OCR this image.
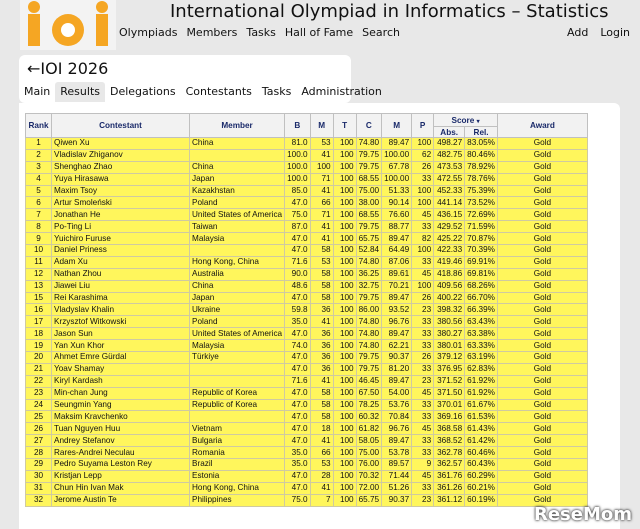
International Olympiad in Informatics – Statistics
Olympiads Members Tasks Hall of Fame Search	Add Login
←IOI 2026
Main Results Delegations Contestants Tasks Administration
Rank	Contestant	Member	B	M	T	C	M	P	Score ▾		Award
									Abs.	Rel.	
1	Qiwen Xu	China	81.0	53	100	74.80	89.47	100	498.27	83.05%	Gold
2	Vladislav Zhiganov		100.0	41	100	79.75	100.00	62	482.75	80.46%	Gold
3	Shenghao Zhao	China	100.0	100	100	79.75	67.78	26	473.53	78.92%	Gold
4	Yuya Hirasawa	Japan	100.0	71	100	68.55	100.00	33	472.55	78.76%	Gold
5	Maxim Tsoy	Kazakhstan	85.0	41	100	75.00	51.33	100	452.33	75.39%	Gold
6	Artur Smoleński	Poland	47.0	66	100	38.00	90.14	100	441.14	73.52%	Gold
7	Jonathan He	United States of America	75.0	71	100	68.55	76.60	45	436.15	72.69%	Gold
8	Po-Ting Li	Taiwan	87.0	41	100	79.75	88.77	33	429.52	71.59%	Gold
9	Yuichiro Furuse	Malaysia	47.0	41	100	65.75	89.47	82	425.22	70.87%	Gold
10	Daniel Priness		47.0	58	100	52.84	64.49	100	422.33	70.39%	Gold
11	Adam Xu	Hong Kong, China	71.6	53	100	74.80	87.06	33	419.46	69.91%	Gold
12	Nathan Zhou	Australia	90.0	58	100	36.25	89.61	45	418.86	69.81%	Gold
13	Jiawei Liu	China	48.6	58	100	32.75	70.21	100	409.56	68.26%	Gold
15	Rei Karashima	Japan	47.0	58	100	79.75	89.47	26	400.22	66.70%	Gold
16	Vladyslav Khalin	Ukraine	59.8	36	100	86.00	93.52	23	398.32	66.39%	Gold
17	Krzysztof Witkowski	Poland	35.0	41	100	74.80	96.76	33	380.56	63.43%	Gold
18	Jason Sun	United States of America	47.0	36	100	74.80	89.47	33	380.27	63.38%	Gold
19	Yan Xun Khor	Malaysia	74.0	36	100	74.80	62.21	33	380.01	63.33%	Gold
20	Ahmet Emre Gürdal	Türkiye	47.0	36	100	79.75	90.37	26	379.12	63.19%	Gold
21	Yoav Shamay		47.0	36	100	79.75	81.20	33	376.95	62.83%	Gold
22	Kiryl Kardash		71.6	41	100	46.45	89.47	23	371.52	61.92%	Gold
23	Min-chan Jung	Republic of Korea	47.0	58	100	67.50	54.00	45	371.50	61.92%	Gold
24	Seungmin Yang	Republic of Korea	47.0	58	100	78.25	53.76	33	370.01	61.67%	Gold
25	Maksim Kravchenko		47.0	58	100	60.32	70.84	33	369.16	61.53%	Gold
26	Tuan Nguyen Huu	Vietnam	47.0	18	100	61.82	96.76	45	368.58	61.43%	Gold
27	Andrey Stefanov	Bulgaria	47.0	41	100	58.05	89.47	33	368.52	61.42%	Gold
28	Rares-Andrei Neculau	Romania	35.0	66	100	75.00	53.78	33	362.78	60.46%	Gold
29	Pedro Suyama Leston Rey	Brazil	35.0	53	100	76.00	89.57	9	362.57	60.43%	Gold
30	Kristjan Lepp	Estonia	47.0	28	100	70.32	71.44	45	361.76	60.29%	Gold
31	Chun Hin Ivan Mak	Hong Kong, China	47.0	41	100	72.00	51.26	33	361.26	60.21%	Gold
32	Jerome Austin Te	Philippines	75.0	7	100	65.75	90.37	23	361.12	60.19%	Gold
ReseMom
